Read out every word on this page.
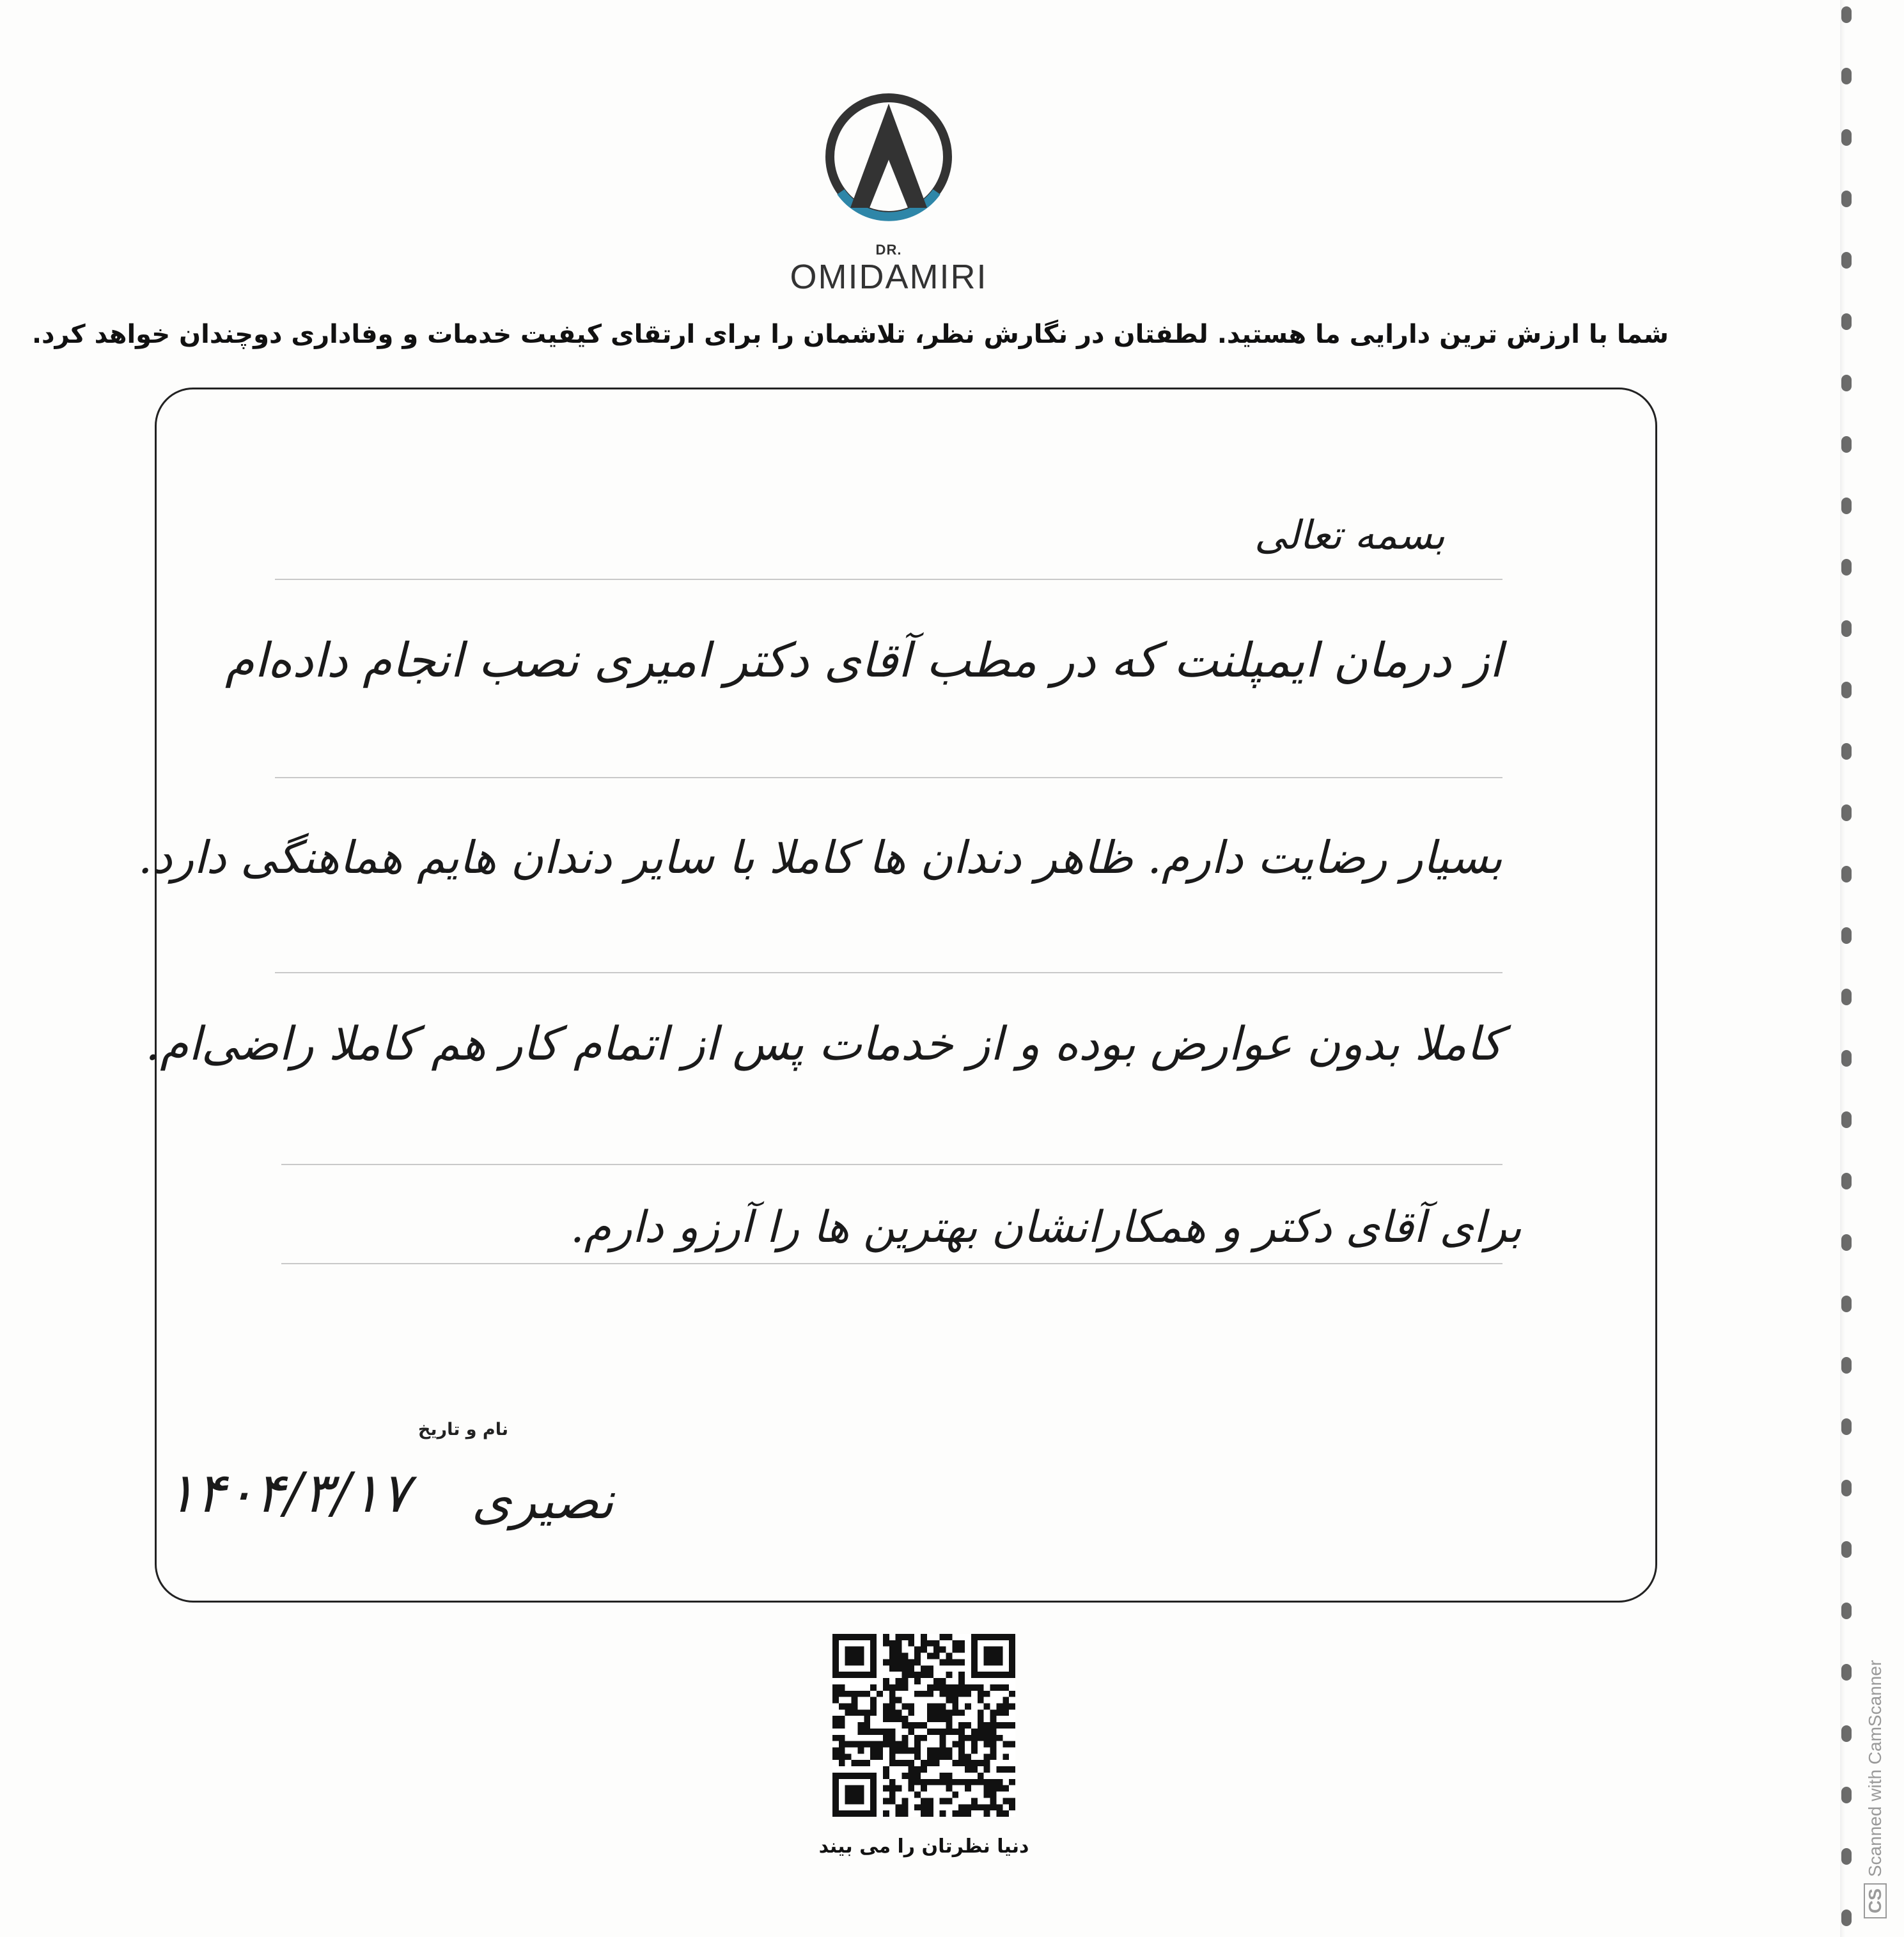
DR.
OMIDAMIRI
شما با ارزش ترین دارایی ما هستید. لطفتان در نگارش نظر، تلاشمان را برای ارتقای کیفیت خدمات و وفاداری دوچندان خواهد کرد.
بسمه تعالی
از درمان ایمپلنت که در مطب آقای دکتر امیری نصب انجام داده‌ام
بسیار رضایت دارم. ظاهر دندان ها کاملا با سایر دندان هایم هماهنگی دارد.
کاملا بدون عوارض بوده و از خدمات پس از اتمام کار هم کاملا راضی‌ام.
برای آقای دکتر و همکارانشان بهترین ها را آرزو دارم.
نام و تاریخ
نصیری
۱۴۰۴/۳/۱۷
دنیا نظرتان را می بیند
CSScanned with CamScanner
